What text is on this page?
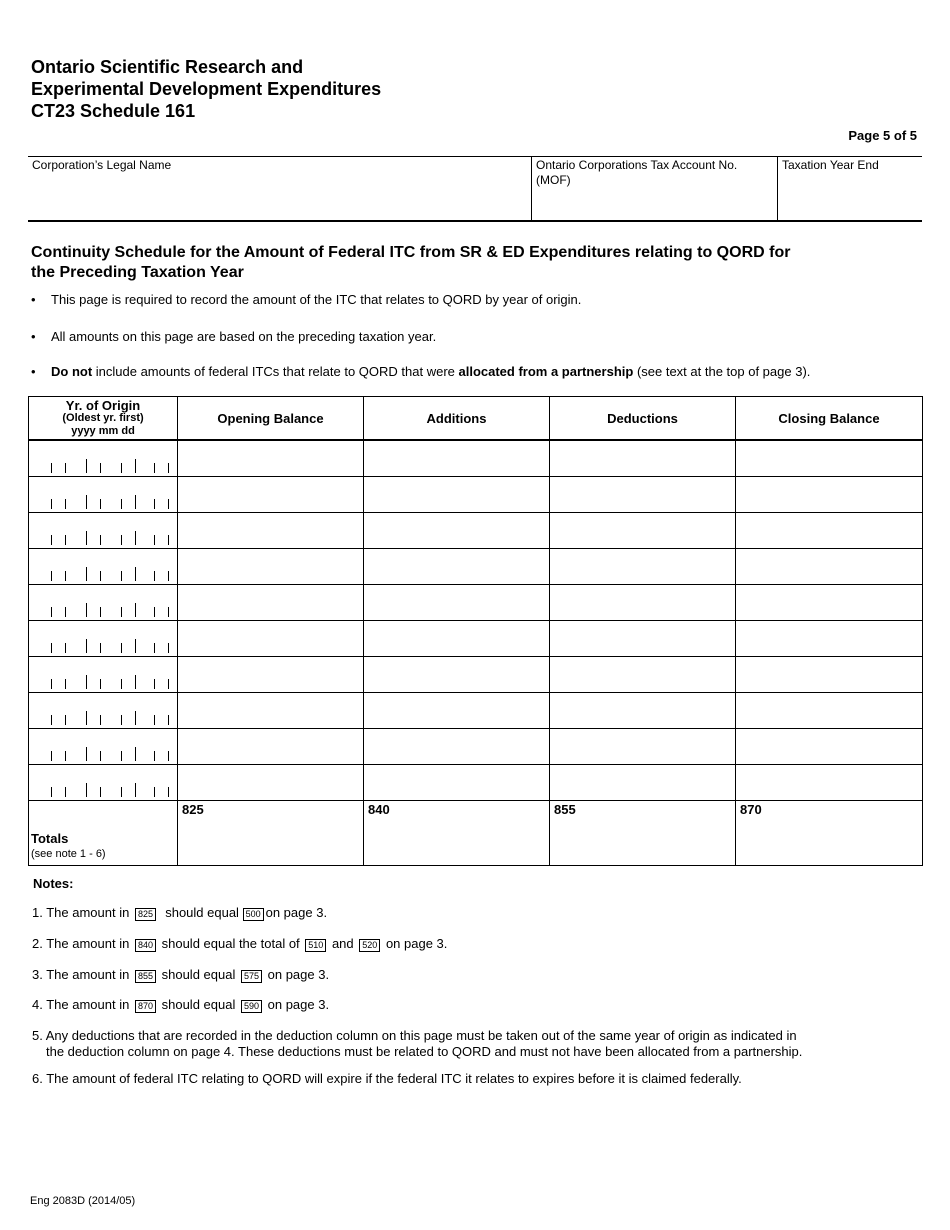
Ontario Scientific Research and
Experimental Development Expenditures
CT23 Schedule 161
Page 5 of 5
Corporation’s Legal Name	Ontario Corporations Tax Account No.
(MOF)
Taxation Year End
Continuity Schedule for the Amount of Federal ITC from SR & ED Expenditures relating to QORD for
the Preceding Taxation Year
• This page is required to record the amount of the ITC that relates to QORD by year of origin.
• All amounts on this page are based on the preceding taxation year.
• Do not include amounts of federal ITCs that relate to QORD that were allocated from a partnership (see text at the top of page 3).
Yr. of Origin
(Oldest yr. first)
yyyy mm dd	Opening Balance	Additions	Deductions	Closing Balance

Totals
(see note 1 - 6)	825	840	855	870
Notes:
1. The amount in 825 should equal 500 on page 3.
2. The amount in 840 should equal the total of 510 and 520 on page 3.
3. The amount in 855 should equal 575 on page 3.
4. The amount in 870 should equal 590 on page 3.
5. Any deductions that are recorded in the deduction column on this page must be taken out of the same year of origin as indicated in
the deduction column on page 4. These deductions must be related to QORD and must not have been allocated from a partnership.
6. The amount of federal ITC relating to QORD will expire if the federal ITC it relates to expires before it is claimed federally.
Eng 2083D (2014/05)
